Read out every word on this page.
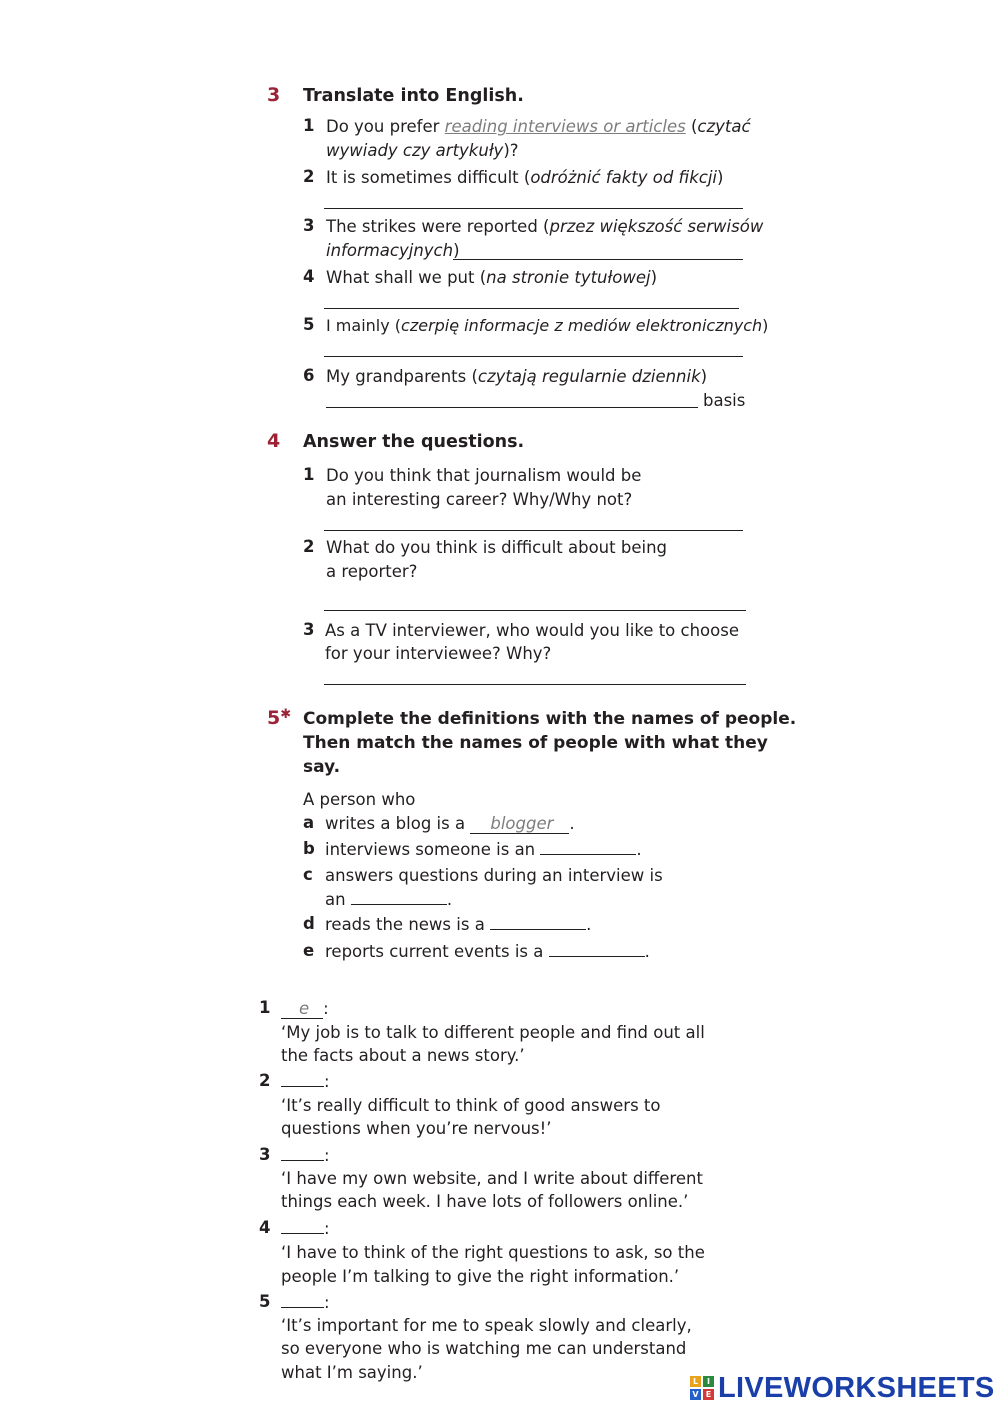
3 Translate into English.
1 Do you prefer reading interviews or articles (czytać
wywiady czy artykuły)?
2 It is sometimes difficult (odróżnić fakty od fikcji)
3 The strikes were reported (przez większość serwisów
informacyjnych)
4 What shall we put (na stronie tytułowej)
5 I mainly (czerpię informacje z mediów elektronicznych)
6 My grandparents (czytają regularnie dziennik)
basis
4 Answer the questions.
1 Do you think that journalism would be
an interesting career? Why/Why not?
2 What do you think is difficult about being
a reporter?
3 As a TV interviewer, who would you like to choose
for your interviewee? Why?
5✱ Complete the definitions with the names of people.
Then match the names of people with what they
say.
A person who
a writes a blog is a blogger .
b interviews someone is an	.
c answers questions during an interview is
an	.
d reads the news is a	.
e reports current events is a	.
1	e :
‘My job is to talk to different people and find out all
the facts about a news story.’
2	:
‘It’s really difficult to think of good answers to
questions when you’re nervous!’
3	:
‘I have my own website, and I write about different
things each week. I have lots of followers online.’
4	:
‘I have to think of the right questions to ask, so the
people I’m talking to give the right information.’
5	:
‘It’s important for me to speak slowly and clearly,
so everyone who is watching me can understand
what I’m saying.’	L	I
V E LIVEWORKSHEETS
